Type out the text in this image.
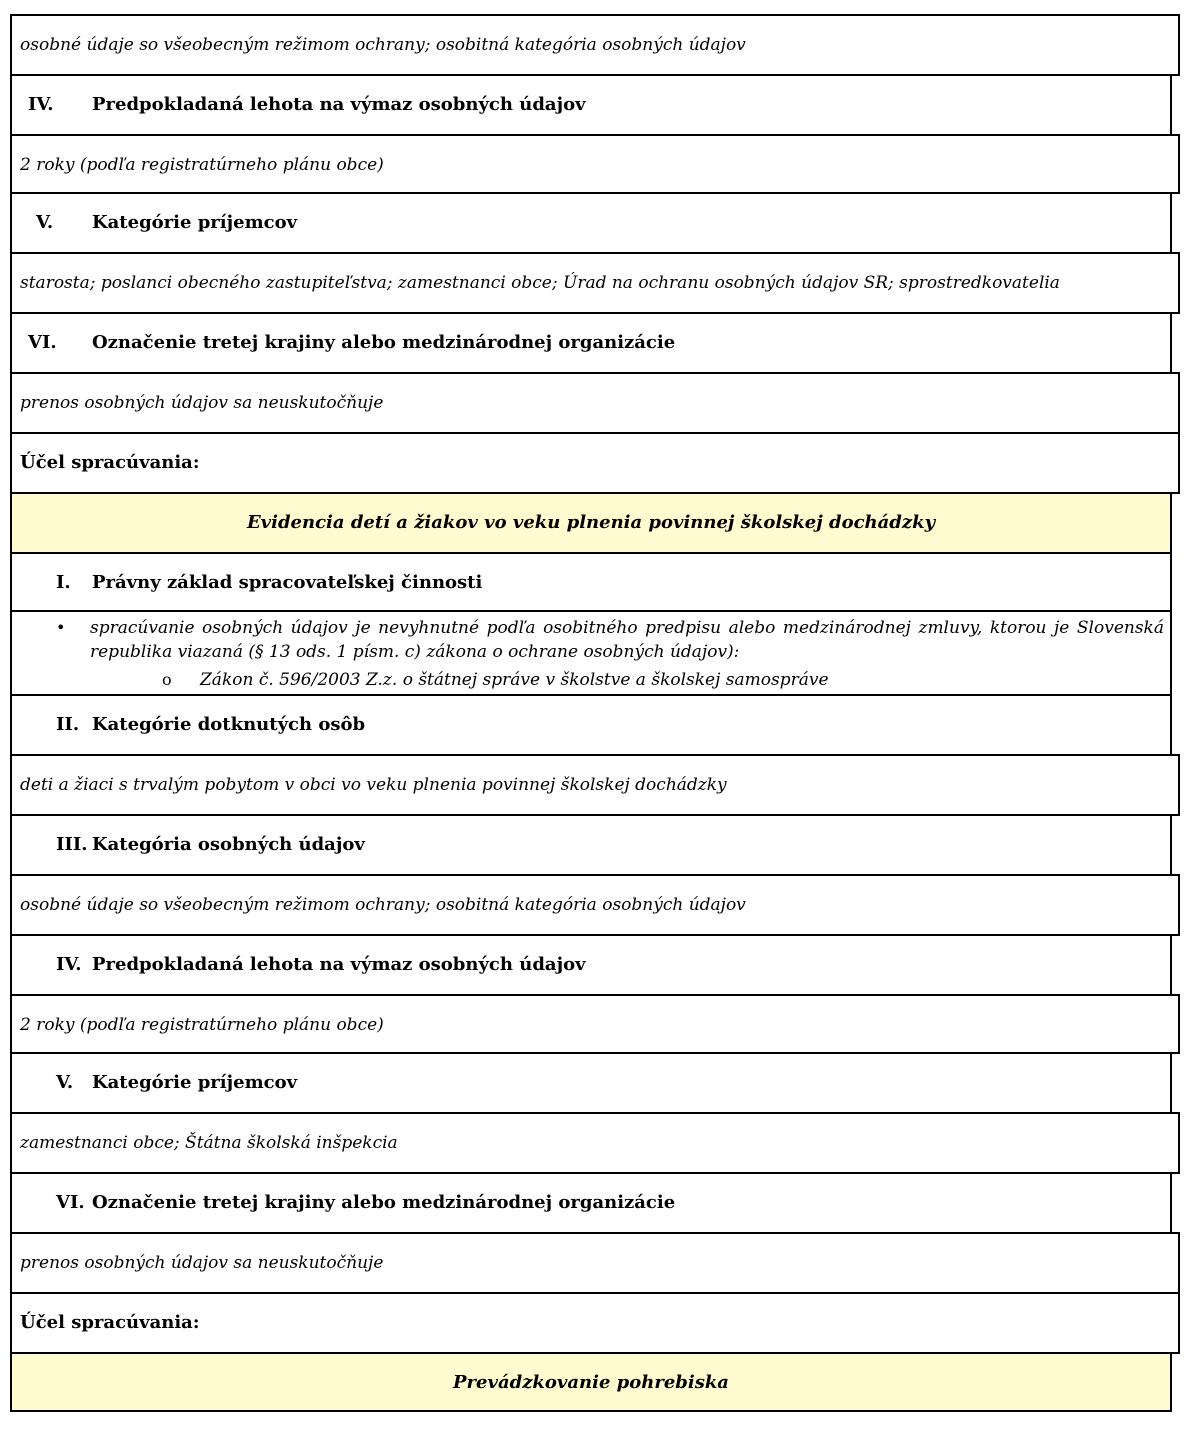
osobné údaje so všeobecným režimom ochrany; osobitná kategória osobných údajov
IV. Predpokladaná lehota na výmaz osobných údajov
2 roky (podľa registratúrneho plánu obce)
V. Kategórie príjemcov
starosta; poslanci obecného zastupiteľstva; zamestnanci obce; Úrad na ochranu osobných údajov SR; sprostredkovatelia
VI. Označenie tretej krajiny alebo medzinárodnej organizácie
prenos osobných údajov sa neuskutočňuje
Účel spracúvania:
Evidencia detí a žiakov vo veku plnenia povinnej školskej dochádzky
I. Právny základ spracovateľskej činnosti
• spracúvanie osobných údajov je nevyhnutné podľa osobitného predpisu alebo medzinárodnej zmluvy, ktorou je Slovenská republika viazaná (§ 13 ods. 1 písm. c) zákona o ochrane osobných údajov):
o Zákon č. 596/2003 Z.z. o štátnej správe v školstve a školskej samospráve
II. Kategórie dotknutých osôb
deti a žiaci s trvalým pobytom v obci vo veku plnenia povinnej školskej dochádzky
III. Kategória osobných údajov
osobné údaje so všeobecným režimom ochrany; osobitná kategória osobných údajov
IV. Predpokladaná lehota na výmaz osobných údajov
2 roky (podľa registratúrneho plánu obce)
V. Kategórie príjemcov
zamestnanci obce; Štátna školská inšpekcia
VI. Označenie tretej krajiny alebo medzinárodnej organizácie
prenos osobných údajov sa neuskutočňuje
Účel spracúvania:
Prevádzkovanie pohrebiska
